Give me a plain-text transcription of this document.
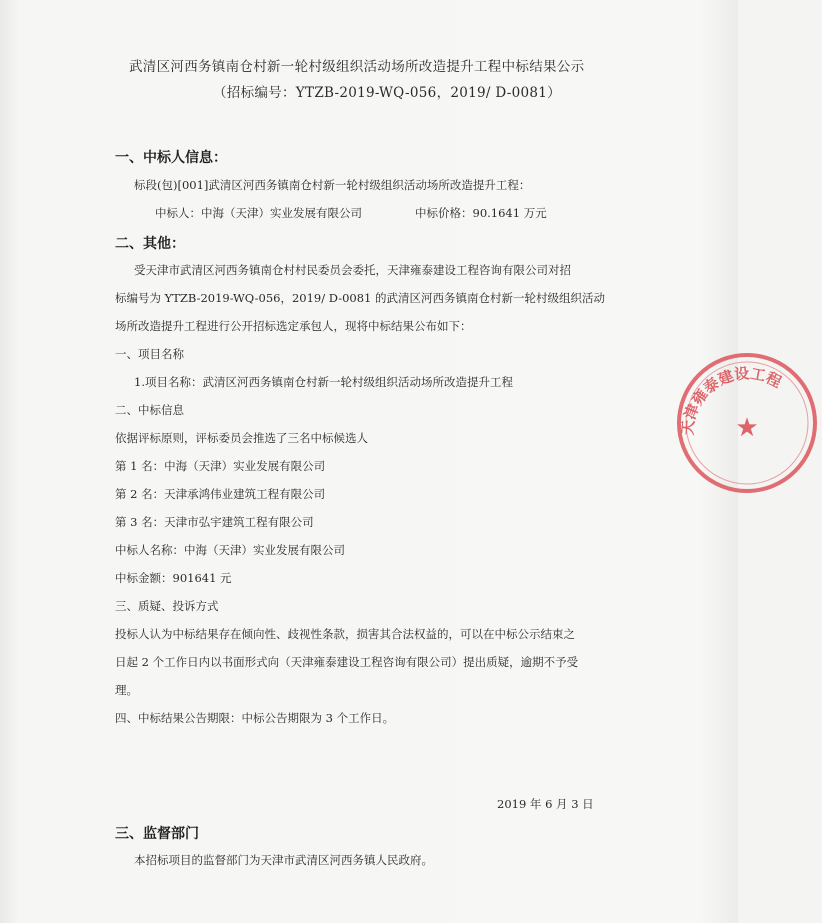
武清区河西务镇南仓村新一轮村级组织活动场所改造提升工程中标结果公示
（招标编号：YTZB-2019-WQ-056，2019/ D-0081）
一、中标人信息：
标段(包)[001]武清区河西务镇南仓村新一轮村级组织活动场所改造提升工程：
中标人：中海（天津）实业发展有限公司	中标价格：90.1641 万元
二、其他：
受天津市武清区河西务镇南仓村村民委员会委托，天津雍泰建设工程咨询有限公司对招
标编号为 YTZB-2019-WQ-056，2019/ D-0081 的武清区河西务镇南仓村新一轮村级组织活动
场所改造提升工程进行公开招标选定承包人，现将中标结果公布如下：
一、项目名称
1.项目名称：武清区河西务镇南仓村新一轮村级组织活动场所改造提升工程
二、中标信息
依据评标原则，评标委员会推选了三名中标候选人
第 1 名：中海（天津）实业发展有限公司
第 2 名：天津承鸿伟业建筑工程有限公司
第 3 名：天津市弘宇建筑工程有限公司
中标人名称：中海（天津）实业发展有限公司
中标金额：901641 元
三、质疑、投诉方式
投标人认为中标结果存在倾向性、歧视性条款，损害其合法权益的，可以在中标公示结束之
日起 2 个工作日内以书面形式向（天津雍泰建设工程咨询有限公司）提出质疑，逾期不予受
理。
四、中标结果公告期限：中标公告期限为 3 个工作日。
2019 年 6 月 3 日
三、监督部门
本招标项目的监督部门为天津市武清区河西务镇人民政府。
天津雍泰建设工程
★
